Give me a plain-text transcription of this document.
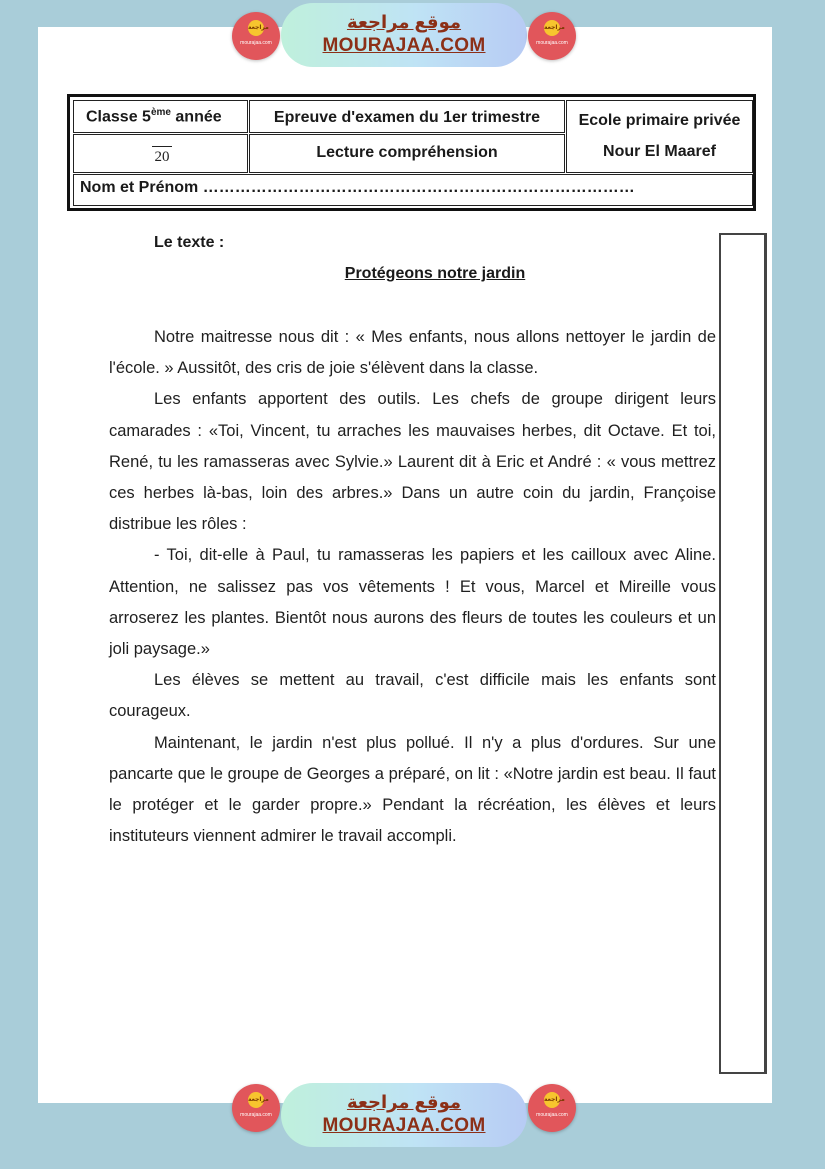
مراجعة
mourajaa.com
موقع مراجعة
MOURAJAA.COM
مراجعة
mourajaa.com
Classe 5ème année	Epreuve d'examen du 1er trimestre	Ecole primaire privée
Nour El Maaref
20	Lecture compréhension
Nom et Prénom ………………………………………………………………………
Le texte :
Protégeons notre jardin

Notre maitresse nous dit : « Mes enfants, nous allons nettoyer le jardin de l'école. » Aussitôt, des cris de joie s'élèvent dans la classe.

Les enfants apportent des outils. Les chefs de groupe dirigent leurs camarades : «Toi, Vincent, tu arraches les mauvaises herbes, dit Octave. Et toi, René, tu les ramasseras avec Sylvie.» Laurent dit à Eric et André : « vous mettrez ces herbes là-bas, loin des arbres.» Dans un autre coin du jardin, Françoise distribue les rôles :

- Toi, dit-elle à Paul, tu ramasseras les papiers et les cailloux avec Aline. Attention, ne salissez pas vos vêtements ! Et vous, Marcel et Mireille vous arroserez les plantes. Bientôt nous aurons des fleurs de toutes les couleurs et un joli paysage.»

Les élèves se mettent au travail, c'est difficile mais les enfants sont courageux.

Maintenant, le jardin n'est plus pollué. Il n'y a plus d'ordures. Sur une pancarte que le groupe de Georges a préparé, on lit : «Notre jardin est beau. Il faut le protéger et le garder propre.» Pendant la récréation, les élèves et leurs instituteurs viennent admirer le travail accompli.

مراجعة
mourajaa.com
موقع مراجعة
MOURAJAA.COM
مراجعة
mourajaa.com
